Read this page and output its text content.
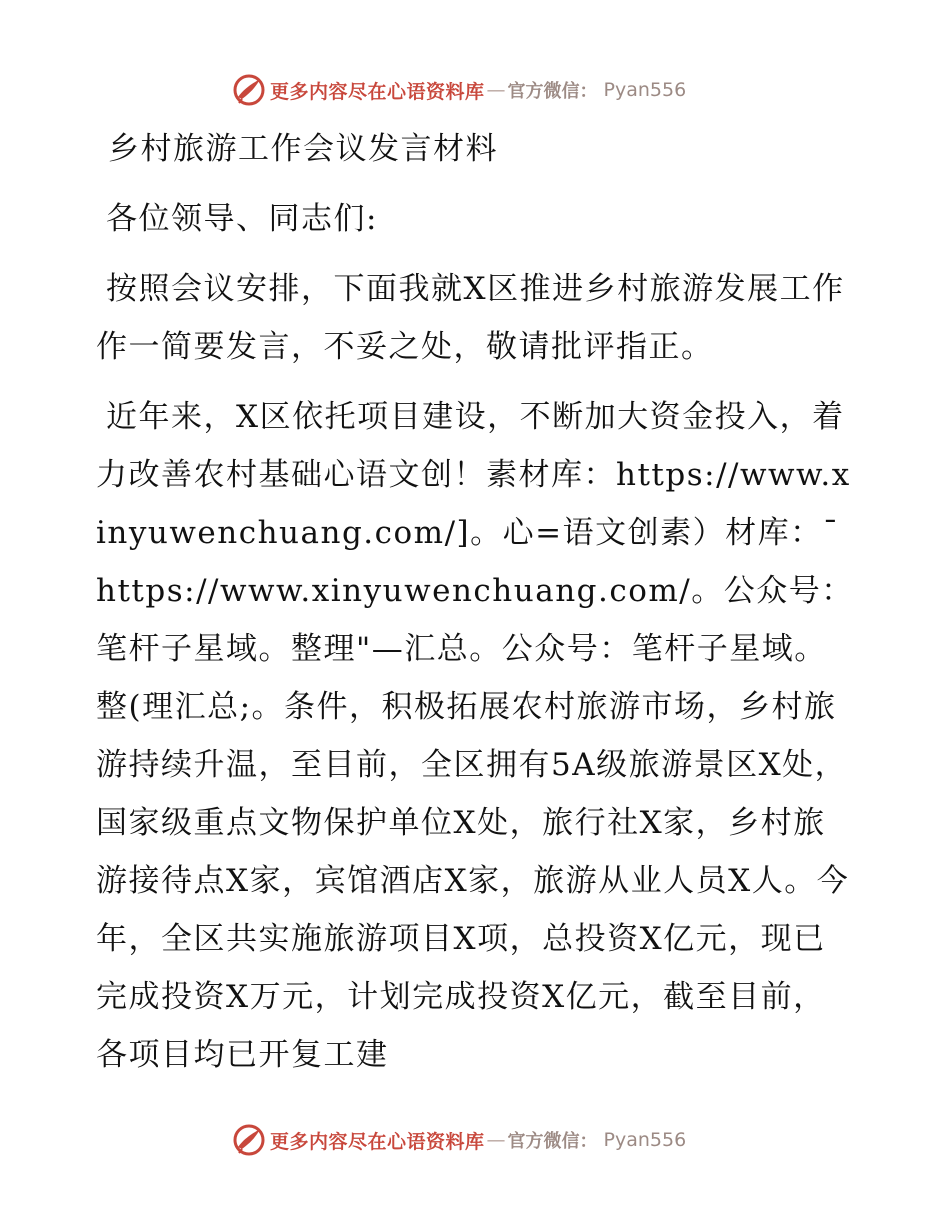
更多内容尽在心语资料库 — 官方微信： Pyan556

乡村旅游工作会议发言材料

各位领导、同志们:

按照会议安排，下面我就X区推进乡村旅游发展工作作一简要发言，不妥之处，敬请批评指正。

近年来，X区依托项目建设，不断加大资金投入，着力改善农村基础心语文创！素材库：https://www.xinyuwenchuang.com/]。心=语文创素）材库：¯https://www.xinyuwenchuang.com/。公众号：笔杆子星域。整理"—汇总。公众号：笔杆子星域。整(理汇总;。条件，积极拓展农村旅游市场，乡村旅游持续升温，至目前，全区拥有5A级旅游景区X处，国家级重点文物保护单位X处，旅行社X家，乡村旅游接待点X家，宾馆酒店X家，旅游从业人员X人。今年，全区共实施旅游项目X项，总投资X亿元，现已完成投资X万元，计划完成投资X亿元，截至目前，各项目均已开复工建

更多内容尽在心语资料库 — 官方微信： Pyan556
